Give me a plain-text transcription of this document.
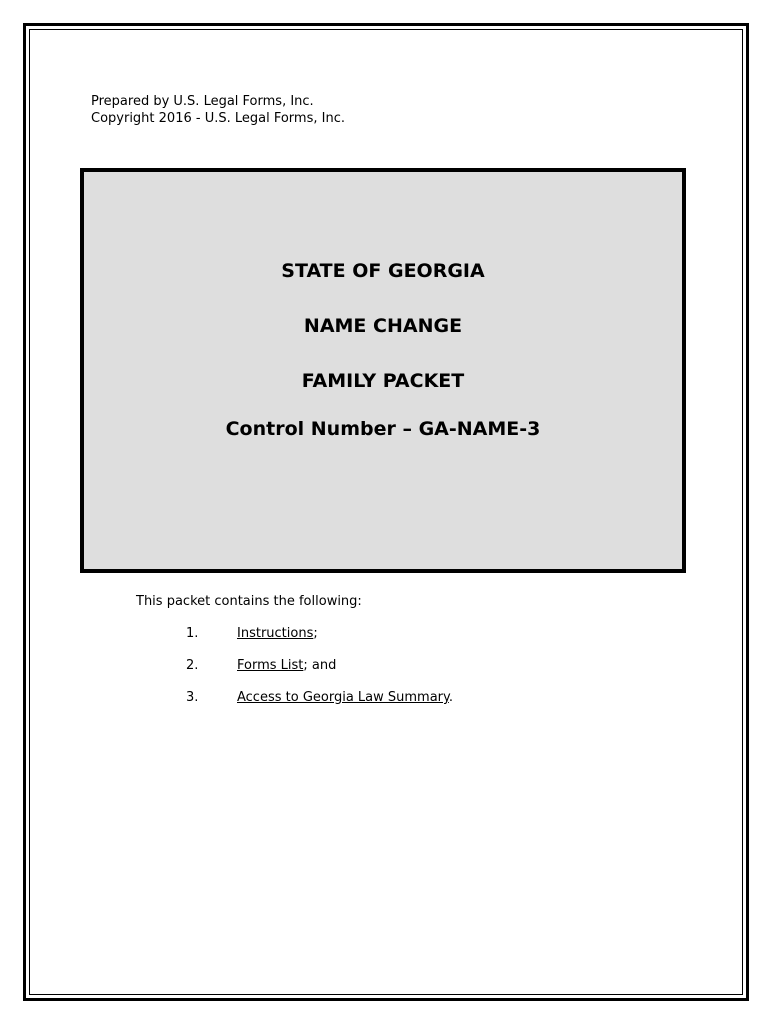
Prepared by U.S. Legal Forms, Inc.
Copyright 2016 - U.S. Legal Forms, Inc.
STATE OF GEORGIA
NAME CHANGE
FAMILY PACKET
Control Number – GA-NAME-3
This packet contains the following:
1.	Instructions;
2.	Forms List; and
3.	Access to Georgia Law Summary.
